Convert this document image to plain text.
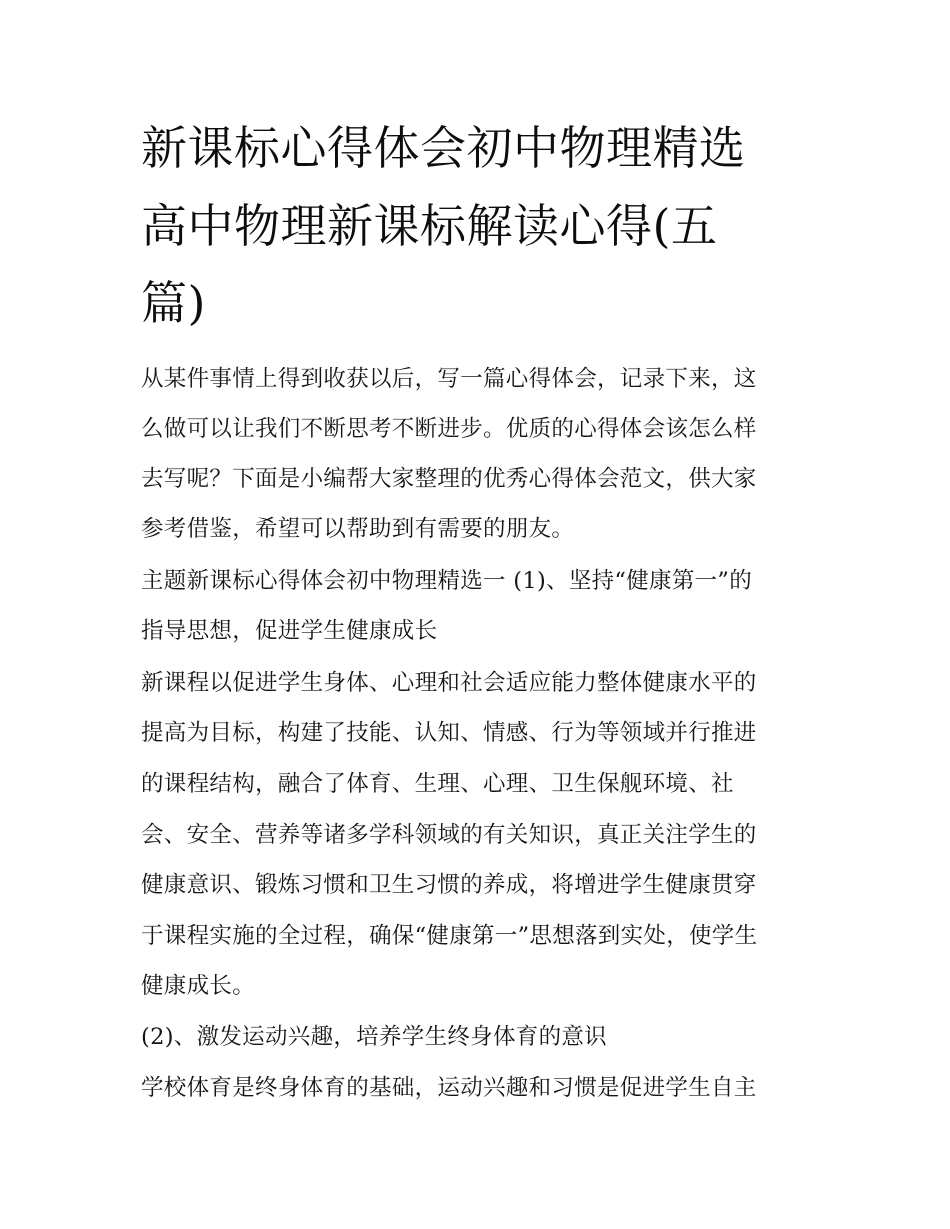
新课标心得体会初中物理精选
高中物理新课标解读心得(五
篇)
从某件事情上得到收获以后，写一篇心得体会，记录下来，这
么做可以让我们不断思考不断进步。优质的心得体会该怎么样
去写呢？下面是小编帮大家整理的优秀心得体会范文，供大家
参考借鉴，希望可以帮助到有需要的朋友。
主题新课标心得体会初中物理精选一 (1)、坚持“健康第一”的
指导思想，促进学生健康成长
新课程以促进学生身体、心理和社会适应能力整体健康水平的
提高为目标，构建了技能、认知、情感、行为等领域并行推进
的课程结构，融合了体育、生理、心理、卫生保舰环境、社
会、安全、营养等诸多学科领域的有关知识，真正关注学生的
健康意识、锻炼习惯和卫生习惯的养成，将增进学生健康贯穿
于课程实施的全过程，确保“健康第一”思想落到实处，使学生
健康成长。
(2)、激发运动兴趣，培养学生终身体育的意识
学校体育是终身体育的基础，运动兴趣和习惯是促进学生自主
